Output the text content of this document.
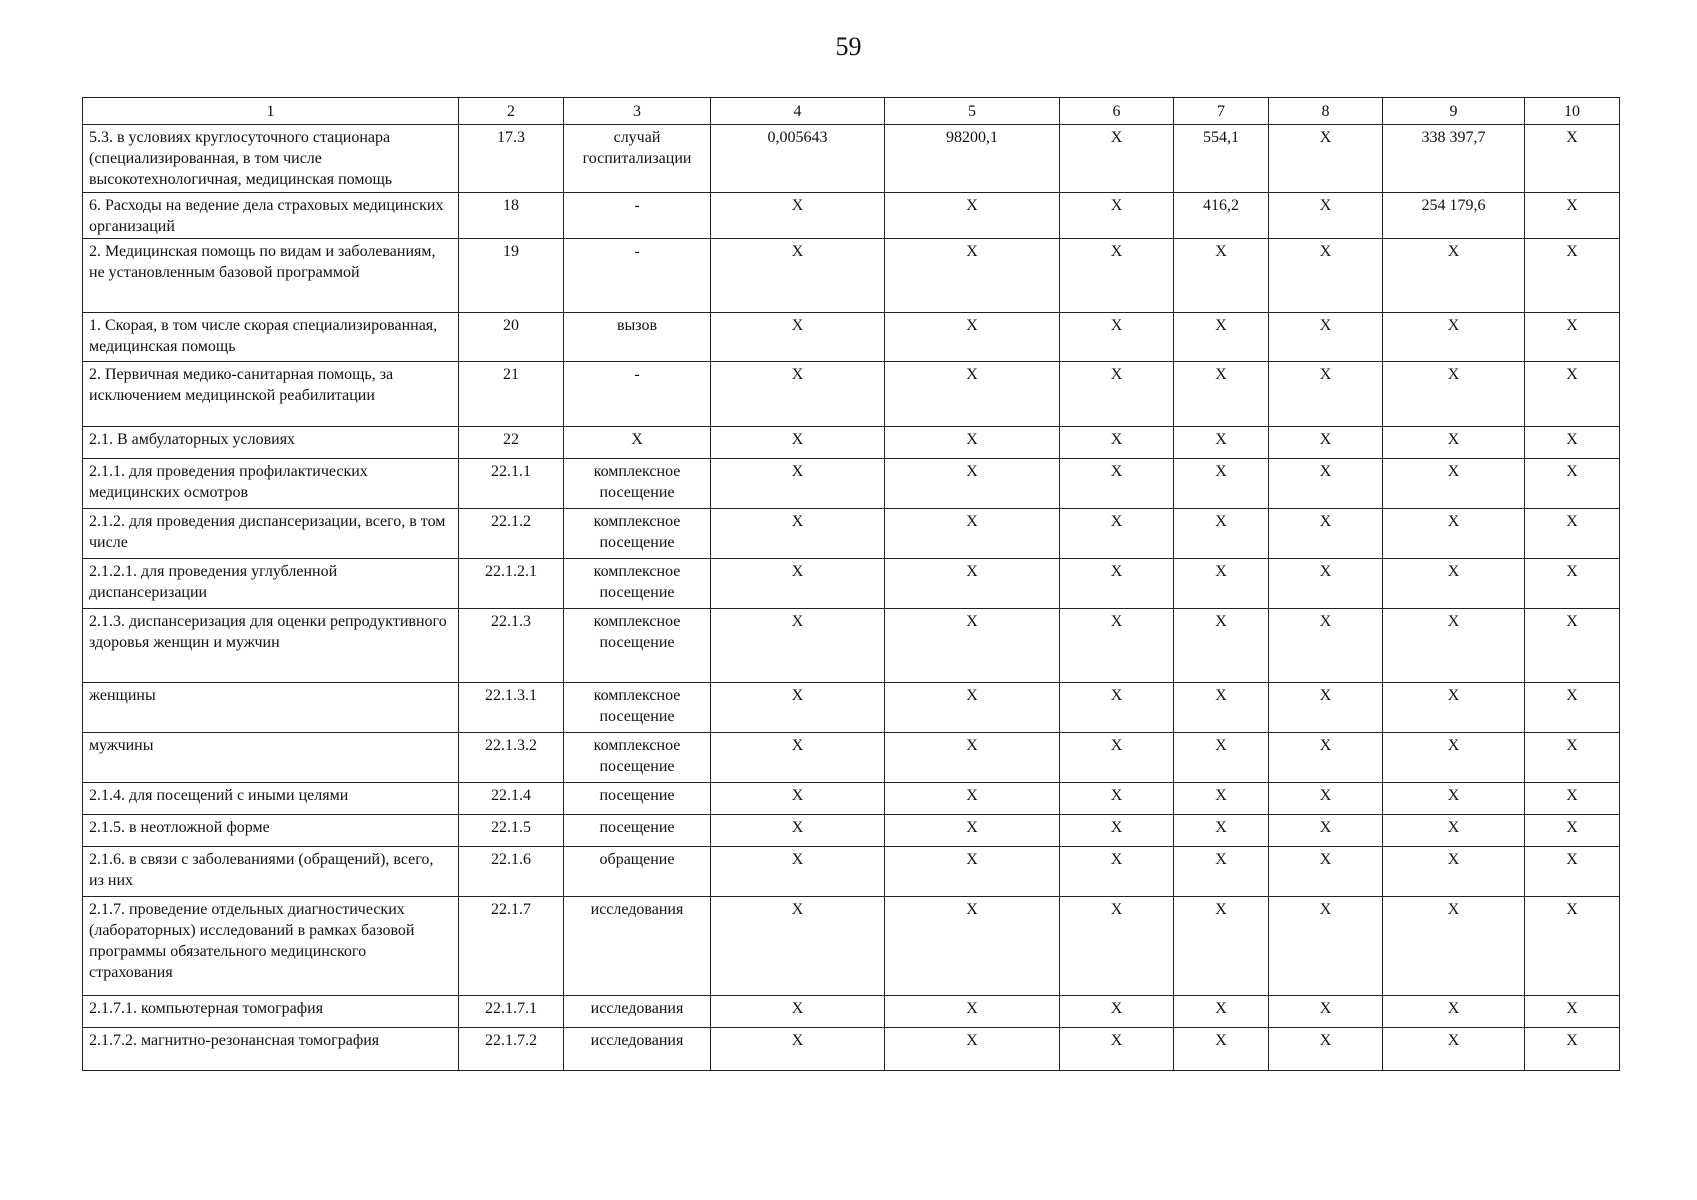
59
1	2	3	4	5	6	7	8	9	10
5.3. в условиях круглосуточного стационара (специализированная, в том числе высокотехнологичная, медицинская помощь	17.3	случай госпитализации	0,005643	98200,1	X	554,1	X	338 397,7	X
6. Расходы на ведение дела страховых медицинских организаций	18	-	X	X	X	416,2	X	254 179,6	X
2. Медицинская помощь по видам и заболеваниям, не установленным базовой программой	19	-	X	X	X	X	X	X	X
1. Скорая, в том числе скорая специализированная, медицинская помощь	20	вызов	X	X	X	X	X	X	X
2. Первичная медико-санитарная помощь, за исключением медицинской реабилитации	21	-	X	X	X	X	X	X	X
2.1. В амбулаторных условиях	22	X	X	X	X	X	X	X	X
2.1.1. для проведения профилактических медицинских осмотров	22.1.1	комплексное посещение	X	X	X	X	X	X	X
2.1.2. для проведения диспансеризации, всего, в том числе	22.1.2	комплексное посещение	X	X	X	X	X	X	X
2.1.2.1. для проведения углубленной диспансеризации	22.1.2.1	комплексное посещение	X	X	X	X	X	X	X
2.1.3. диспансеризация для оценки репродуктивного здоровья женщин и мужчин	22.1.3	комплексное посещение	X	X	X	X	X	X	X
женщины	22.1.3.1	комплексное посещение	X	X	X	X	X	X	X
мужчины	22.1.3.2	комплексное посещение	X	X	X	X	X	X	X
2.1.4. для посещений с иными целями	22.1.4	посещение	X	X	X	X	X	X	X
2.1.5. в неотложной форме	22.1.5	посещение	X	X	X	X	X	X	X
2.1.6. в связи с заболеваниями (обращений), всего, из них	22.1.6	обращение	X	X	X	X	X	X	X
2.1.7. проведение отдельных диагностических (лабораторных) исследований в рамках базовой программы обязательного медицинского страхования	22.1.7	исследования	X	X	X	X	X	X	X
2.1.7.1. компьютерная томография	22.1.7.1	исследования	X	X	X	X	X	X	X
2.1.7.2. магнитно-резонансная томография	22.1.7.2	исследования	X	X	X	X	X	X	X
